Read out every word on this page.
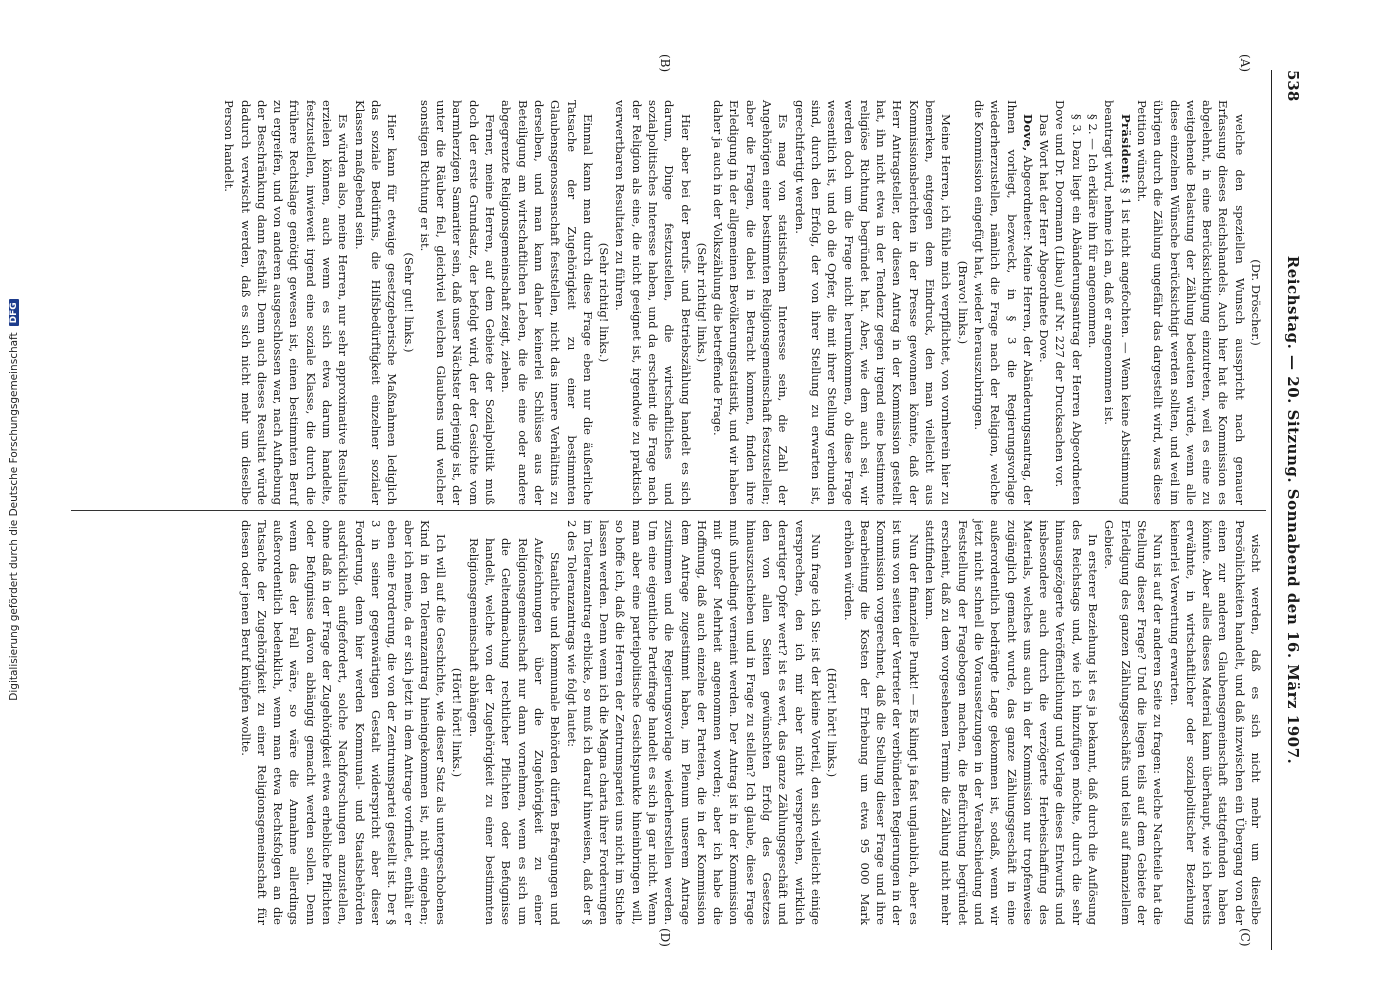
Digitalisierung gefördert durch die Deutsche Forschungsgemeinschaft
DFG
538
Reichstag. — 20. Sitzung. Sonnabend den 16. März 1907.
(A)
(B)
(C)
(D)

(Dr. Dröscher.)

welche den speziellen Wunsch ausspricht nach genauer Erfassung dieses Reichshandels. Auch hier hat die Kommission es abgelehnt, in eine Berücksichtigung einzutreten, weil es eine zu weitgehende Belastung der Zählung bedeuten würde, wenn alle diese einzelnen Wünsche berücksichtigt werden sollten, und weil im übrigen durch die Zählung ungefähr das dargestellt wird, was diese Petition wünscht.

Präsident: § 1 ist nicht angefochten. — Wenn keine Abstimmung beantragt wird, nehme ich an, daß er angenommen ist.

§ 2. — Ich erkläre ihn für angenommen.

§ 3. Dazu liegt ein Abänderungsantrag der Herren Abgeordneten Dove und Dr. Doormann (Libau) auf Nr. 227 der Drucksachen vor.

Das Wort hat der Herr Abgeordnete Dove.

Dove, Abgeordneter: Meine Herren, der Abänderungsantrag, der Ihnen vorliegt, bezweckt, in § 3 die Regierungsvorlage wiederherzustellen, nämlich die Frage nach der Religion, welche die Kommission eingefügt hat, wieder herauszubringen.

(Bravo! links.)

Meine Herren, ich fühle mich verpflichtet, von vornherein hier zu bemerken, entgegen dem Eindruck, den man vielleicht aus Kommissionsberichten in der Presse gewonnen könnte, daß der Herr Antragsteller, der diesen Antrag in der Kommission gestellt hat, ihn nicht etwa in der Tendenz gegen irgend eine bestimmte religiöse Richtung begründet hat. Aber, wie dem auch sei, wir werden doch um die Frage nicht herumkommen, ob diese Frage wesentlich ist, und ob die Opfer, die mit ihrer Stellung verbunden sind, durch den Erfolg, der von ihrer Stellung zu erwarten ist, gerechtfertigt werden.

Es mag von statistischem Interesse sein, die Zahl der Angehörigen einer bestimmten Religionsgemeinschaft festzustellen; aber die Fragen, die dabei in Betracht kommen, finden ihre Erledigung in der allgemeinen Bevölkerungsstatistik, und wir haben daher ja auch in der Volkszählung die betreffende Frage.

(Sehr richtig! links.)

Hier aber bei der Berufs- und Betriebszählung handelt es sich darum, Dinge festzustellen, die wirtschaftliches und sozialpolitisches Interesse haben, und da erscheint die Frage nach der Religion als eine, die nicht geeignet ist, irgendwie zu praktisch verwertbaren Resultaten zu führen.

(Sehr richtig! links.)

Einmal kann man durch diese Frage eben nur die äußerliche Tatsache der Zugehörigkeit zu einer bestimmten Glaubensgenossenschaft feststellen, nicht das innere Verhältnis zu derselben, und man kann daher keinerlei Schlüsse aus der Beteiligung am wirtschaftlichen Leben, die die eine oder andere abgegrenzte Religionsgemeinschaft zeigt, ziehen.

Ferner, meine Herren, auf dem Gebiete der Sozialpolitik muß doch der erste Grundsatz, der befolgt wird, der der Gesichte vom barmherzigen Samariter sein, daß unser Nächster derjenige ist, der unter die Räuber fiel, gleichviel welchen Glaubens und welcher sonstigen Richtung er ist.

(Sehr gut! links.)

Hier kann für etwaige gesetzgeberische Maßnahmen lediglich das soziale Bedürfnis, die Hilfsbedürftigkeit einzelner sozialer Klassen maßgebend sein.

Es würden also, meine Herren, nur sehr approximative Resultate erzielen können, auch wenn es sich etwa darum handelte, festzustellen, inwieweit irgend eine soziale Klasse, die durch die frühere Rechtslage genötigt gewesen ist, einen bestimmten Beruf zu ergreifen, und von anderen ausgeschlossen war, nach Aufhebung der Beschränkung dann festhält. Denn auch dieses Resultat würde dadurch verwischt werden, daß es sich nicht mehr um dieselbe Person handelt.

wischt werden, daß es sich nicht mehr um dieselbe Persönlichkeiten handelt, und daß inzwischen ein Übergang von der einen zur anderen Glaubensgemeinschaft stattgefunden haben könnte. Aber alles dieses Material kann überhaupt, wie ich bereits erwähnte, in wirtschaftlicher oder sozialpolitischer Beziehung keinerlei Verwertung erwarten.

Nun ist auf der anderen Seite zu fragen: welche Nachteile hat die Stellung dieser Frage? Und die liegen teils auf dem Gebiete der Erledigung des ganzen Zählungsgeschäfts und teils auf finanziellem Gebiete.

In ersterer Beziehung ist es ja bekannt, daß durch die Auflösung des Reichstags und, wie ich hinzufügen möchte, durch die sehr hinausgezögerte Veröffentlichung und Vorlage dieses Entwurfs und insbesondere auch durch die verzögerte Herbeischaffung des Materials, welches uns auch in der Kommission nur tropfenweise zugänglich gemacht wurde, das ganze Zählungsgeschäft in eine außerordentlich bedrängte Lage gekommen ist, sodaß, wenn wir jetzt nicht schnell die Voraussetzungen in der Verabschiedung und Feststellung der Fragebogen machen, die Befürchtung begründet erscheint, daß zu dem vorgesehenen Termin die Zählung nicht mehr stattfinden kann.

Nun der finanzielle Punkt! — Es klingt ja fast unglaublich, aber es ist uns von seiten der Vertreter der verbündeten Regierungen in der Kommission vorgerechnet, daß die Stellung dieser Frage und ihre Bearbeitung die Kosten der Erhebung um etwa 95 000 Mark erhöhen würden.

(Hört! hört! links.)

Nun frage ich Sie: ist der kleine Vorteil, den sich vielleicht einige versprechen, den ich mir aber nicht versprechen, wirklich derartiger Opfer wert? ist es wert, das ganze Zählungsgeschäft und den von allen Seiten gewünschten Erfolg des Gesetzes hinauszuschieben und in Frage zu stellen? Ich glaube, diese Frage muß unbedingt verneint werden. Der Antrag ist in der Kommission mit großer Mehrheit angenommen worden; aber ich habe die Hoffnung, daß auch einzelne der Parteien, die in der Kommission dem Antrage zugestimmt haben, im Plenum unserem Antrage zustimmen und die Regierungsvorlage wiederherstellen werden. Um eine eigentliche Parteifrage handelt es sich ja gar nicht. Wenn man aber eine parteipolitische Gesichtspunkte hineinbringen will, so hoffe ich, daß die Herren der Zentrumspartei uns nicht im Stiche lassen werden. Denn wenn ich die Magna charta ihrer Forderungen im Toleranzantrag erblicke, so muß ich darauf hinweisen, daß der § 2 des Toleranzantrags wie folgt lautet:

Staatliche und kommunale Behörden dürfen Befragungen und Aufzeichnungen über die Zugehörigkeit zu einer Religionsgemeinschaft nur dann vornehmen, wenn es sich um die Geltendmachung rechtlicher Pflichten oder Befugnisse handelt, welche von der Zugehörigkeit zu einer bestimmten Religionsgemeinschaft abhängen.

(Hört! hört! links.)

Ich will auf die Geschichte, wie dieser Satz als untergeschobenes Kind in den Toleranzantrag hineingekommen ist, nicht eingehen; aber ich meine, da er sich jetzt in dem Antrage vorfindet, enthält er eben eine Forderung, die von der Zentrumspartei gestellt ist. Der § 3 in seiner gegenwärtigen Gestalt widerspricht aber dieser Forderung, denn hier werden Kommunal- und Staatsbehörden ausdrücklich aufgefordert, solche Nachforschungen anzustellen, ohne daß in der Frage der Zugehörigkeit etwa erhebliche Pflichten oder Befugnisse davon abhängig gemacht werden sollen. Denn wenn das der Fall wäre, so wäre die Annahme allerdings außerordentlich bedenklich, wenn man etwa Rechtsfolgen an die Tatsache der Zugehörigkeit zu einer Religionsgemeinschaft für diesen oder jenen Beruf knüpfen wollte.
